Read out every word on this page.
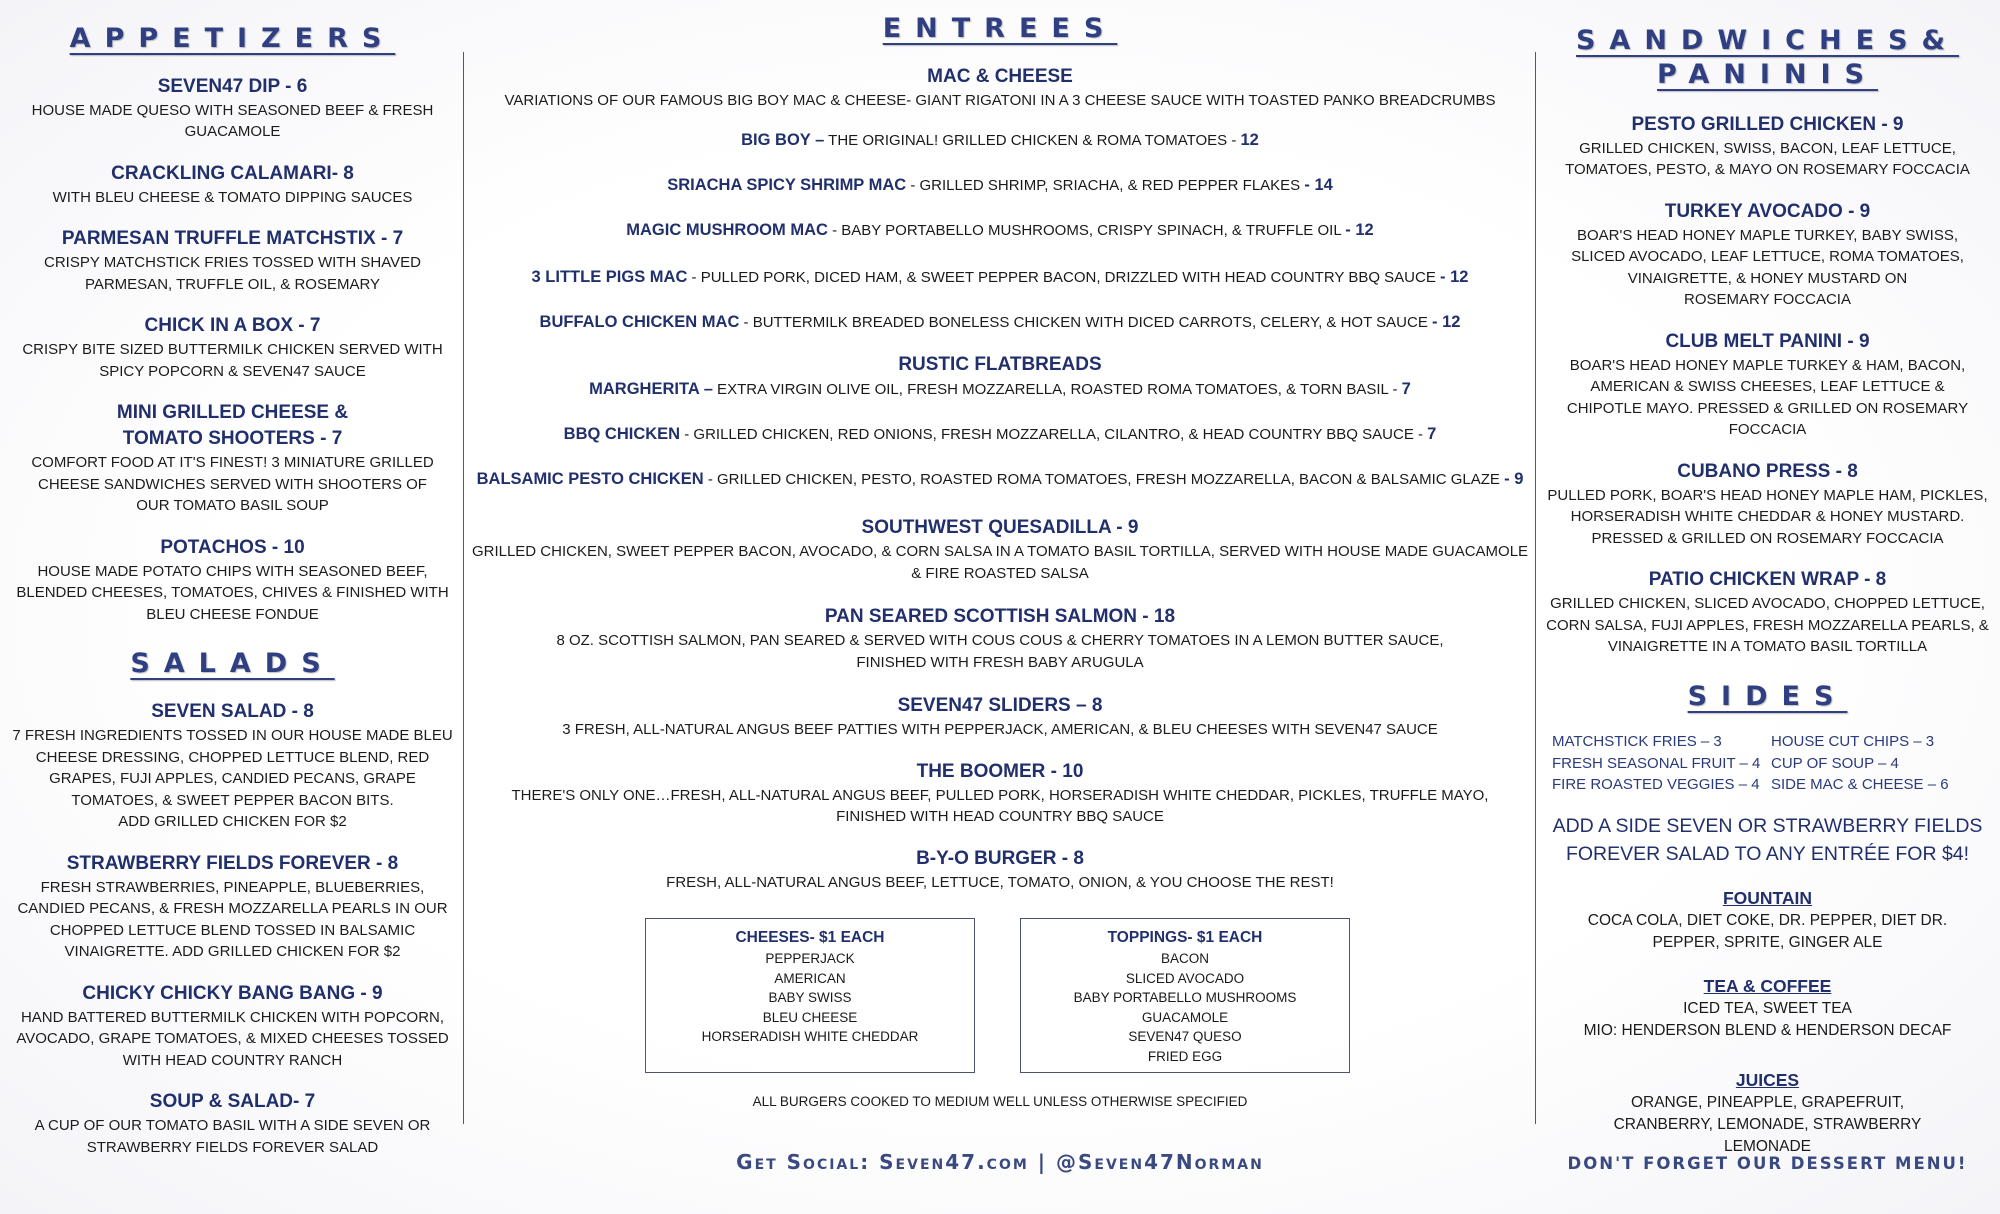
APPETIZERS
SEVEN47 DIP - 6
HOUSE MADE QUESO WITH SEASONED BEEF & FRESH GUACAMOLE
CRACKLING CALAMARI- 8
WITH BLEU CHEESE & TOMATO DIPPING SAUCES
PARMESAN TRUFFLE MATCHSTIX - 7
CRISPY MATCHSTICK FRIES TOSSED WITH SHAVED PARMESAN, TRUFFLE OIL, & ROSEMARY
CHICK IN A BOX - 7
CRISPY BITE SIZED BUTTERMILK CHICKEN SERVED WITH SPICY POPCORN & SEVEN47 SAUCE
MINI GRILLED CHEESE &
TOMATO SHOOTERS - 7
COMFORT FOOD AT IT'S FINEST! 3 MINIATURE GRILLED CHEESE SANDWICHES SERVED WITH SHOOTERS OF OUR TOMATO BASIL SOUP
POTACHOS - 10
HOUSE MADE POTATO CHIPS WITH SEASONED BEEF, BLENDED CHEESES, TOMATOES, CHIVES & FINISHED WITH BLEU CHEESE FONDUE
SALADS
SEVEN SALAD - 8
7 FRESH INGREDIENTS TOSSED IN OUR HOUSE MADE BLEU CHEESE DRESSING, CHOPPED LETTUCE BLEND, RED GRAPES, FUJI APPLES, CANDIED PECANS, GRAPE TOMATOES, & SWEET PEPPER BACON BITS.
ADD GRILLED CHICKEN FOR $2
STRAWBERRY FIELDS FOREVER - 8
FRESH STRAWBERRIES, PINEAPPLE, BLUEBERRIES, CANDIED PECANS, & FRESH MOZZARELLA PEARLS IN OUR CHOPPED LETTUCE BLEND TOSSED IN BALSAMIC VINAIGRETTE. ADD GRILLED CHICKEN FOR $2
CHICKY CHICKY BANG BANG - 9
HAND BATTERED BUTTERMILK CHICKEN WITH POPCORN, AVOCADO, GRAPE TOMATOES, & MIXED CHEESES TOSSED WITH HEAD COUNTRY RANCH
SOUP & SALAD- 7
A CUP OF OUR TOMATO BASIL WITH A SIDE SEVEN OR STRAWBERRY FIELDS FOREVER SALAD
ENTREES
MAC & CHEESE
VARIATIONS OF OUR FAMOUS BIG BOY MAC & CHEESE- GIANT RIGATONI IN A 3 CHEESE SAUCE WITH TOASTED PANKO BREADCRUMBS
BIG BOY – THE ORIGINAL! GRILLED CHICKEN & ROMA TOMATOES - 12
SRIACHA SPICY SHRIMP MAC - GRILLED SHRIMP, SRIACHA, & RED PEPPER FLAKES - 14
MAGIC MUSHROOM MAC - BABY PORTABELLO MUSHROOMS, CRISPY SPINACH, & TRUFFLE OIL - 12
3 LITTLE PIGS MAC - PULLED PORK, DICED HAM, & SWEET PEPPER BACON, DRIZZLED WITH HEAD COUNTRY BBQ SAUCE - 12
BUFFALO CHICKEN MAC - BUTTERMILK BREADED BONELESS CHICKEN WITH DICED CARROTS, CELERY, & HOT SAUCE - 12
RUSTIC FLATBREADS
MARGHERITA – EXTRA VIRGIN OLIVE OIL, FRESH MOZZARELLA, ROASTED ROMA TOMATOES, & TORN BASIL - 7
BBQ CHICKEN - GRILLED CHICKEN, RED ONIONS, FRESH MOZZARELLA, CILANTRO, & HEAD COUNTRY BBQ SAUCE - 7
BALSAMIC PESTO CHICKEN - GRILLED CHICKEN, PESTO, ROASTED ROMA TOMATOES, FRESH MOZZARELLA, BACON & BALSAMIC GLAZE - 9
SOUTHWEST QUESADILLA - 9
GRILLED CHICKEN, SWEET PEPPER BACON, AVOCADO, & CORN SALSA IN A TOMATO BASIL TORTILLA, SERVED WITH HOUSE MADE GUACAMOLE
& FIRE ROASTED SALSA
PAN SEARED SCOTTISH SALMON - 18
8 OZ. SCOTTISH SALMON, PAN SEARED & SERVED WITH COUS COUS & CHERRY TOMATOES IN A LEMON BUTTER SAUCE,
FINISHED WITH FRESH BABY ARUGULA
SEVEN47 SLIDERS – 8
3 FRESH, ALL-NATURAL ANGUS BEEF PATTIES WITH PEPPERJACK, AMERICAN, & BLEU CHEESES WITH SEVEN47 SAUCE
THE BOOMER - 10
THERE'S ONLY ONE…FRESH, ALL-NATURAL ANGUS BEEF, PULLED PORK, HORSERADISH WHITE CHEDDAR, PICKLES, TRUFFLE MAYO,
FINISHED WITH HEAD COUNTRY BBQ SAUCE
B-Y-O BURGER - 8
FRESH, ALL-NATURAL ANGUS BEEF, LETTUCE, TOMATO, ONION, & YOU CHOOSE THE REST!
CHEESES- $1 EACH
PEPPERJACK
AMERICAN
BABY SWISS
BLEU CHEESE
HORSERADISH WHITE CHEDDAR
TOPPINGS- $1 EACH
BACON
SLICED AVOCADO
BABY PORTABELLO MUSHROOMS
GUACAMOLE
SEVEN47 QUESO
FRIED EGG
ALL BURGERS COOKED TO MEDIUM WELL UNLESS OTHERWISE SPECIFIED
Get Social: Seven47.com | @Seven47Norman
SANDWICHES&
PANINIS
PESTO GRILLED CHICKEN - 9
GRILLED CHICKEN, SWISS, BACON, LEAF LETTUCE, TOMATOES, PESTO, & MAYO ON ROSEMARY FOCCACIA
TURKEY AVOCADO - 9
BOAR'S HEAD HONEY MAPLE TURKEY, BABY SWISS, SLICED AVOCADO, LEAF LETTUCE, ROMA TOMATOES, VINAIGRETTE, & HONEY MUSTARD ON
ROSEMARY FOCCACIA
CLUB MELT PANINI - 9
BOAR'S HEAD HONEY MAPLE TURKEY & HAM, BACON, AMERICAN & SWISS CHEESES, LEAF LETTUCE & CHIPOTLE MAYO. PRESSED & GRILLED ON ROSEMARY FOCCACIA
CUBANO PRESS - 8
PULLED PORK, BOAR'S HEAD HONEY MAPLE HAM, PICKLES, HORSERADISH WHITE CHEDDAR & HONEY MUSTARD. PRESSED & GRILLED ON ROSEMARY FOCCACIA
PATIO CHICKEN WRAP - 8
GRILLED CHICKEN, SLICED AVOCADO, CHOPPED LETTUCE, CORN SALSA, FUJI APPLES, FRESH MOZZARELLA PEARLS, & VINAIGRETTE IN A TOMATO BASIL TORTILLA
SIDES
MATCHSTICK FRIES – 3	HOUSE CUT CHIPS – 3
FRESH SEASONAL FRUIT – 4 CUP OF SOUP – 4
FIRE ROASTED VEGGIES – 4 SIDE MAC & CHEESE – 6
ADD A SIDE SEVEN OR STRAWBERRY FIELDS
FOREVER SALAD TO ANY ENTRÉE FOR $4!
FOUNTAIN
COCA COLA, DIET COKE, DR. PEPPER, DIET DR. PEPPER, SPRITE, GINGER ALE
TEA & COFFEE
ICED TEA, SWEET TEA
MIO: HENDERSON BLEND & HENDERSON DECAF
JUICES
ORANGE, PINEAPPLE, GRAPEFRUIT, CRANBERRY, LEMONADE, STRAWBERRY LEMONADE
DON'T FORGET OUR DESSERT MENU!
